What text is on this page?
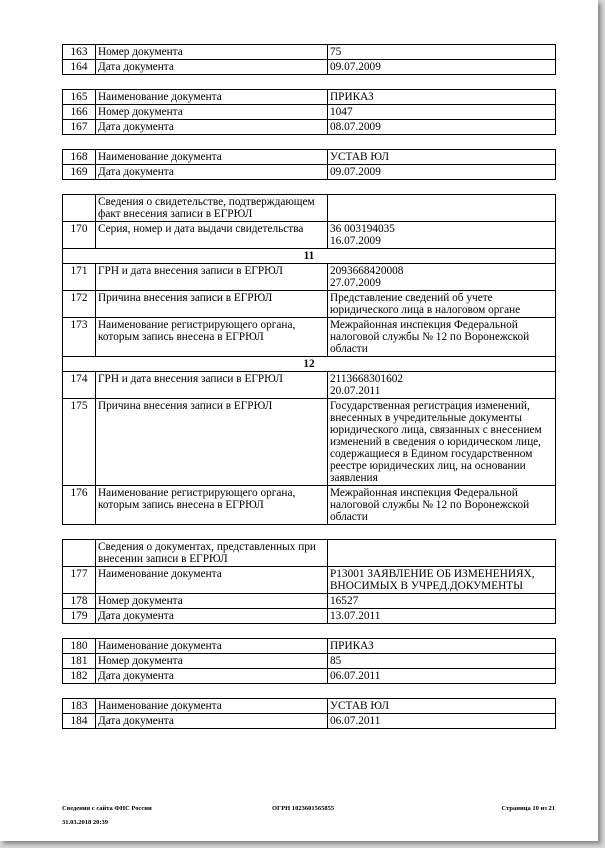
163	Номер документа	75
164	Дата документа	09.07.2009

165	Наименование документа	ПРИКАЗ
166	Номер документа	1047
167	Дата документа	08.07.2009

168	Наименование документа	УСТАВ ЮЛ
169	Дата документа	09.07.2009

	Сведения о свидетельстве, подтверждающем факт внесения записи в ЕГРЮЛ	
170	Серия, номер и дата выдачи свидетельства	36 003194035
16.07.2009
11		
171	ГРН и дата внесения записи в ЕГРЮЛ	2093668420008
27.07.2009
172	Причина внесения записи в ЕГРЮЛ	Представление сведений об учете юридического лица в налоговом органе
173	Наименование регистрирующего органа, которым запись внесена в ЕГРЮЛ	Межрайонная инспекция Федеральной налоговой службы № 12 по Воронежской области
12		
174	ГРН и дата внесения записи в ЕГРЮЛ	2113668301602
20.07.2011
175	Причина внесения записи в ЕГРЮЛ	Государственная регистрация изменений, внесенных в учредительные документы юридического лица, связанных с внесением изменений в сведения о юридическом лице, содержащиеся в Едином государственном реестре юридических лиц, на основании заявления
176	Наименование регистрирующего органа, которым запись внесена в ЕГРЮЛ	Межрайонная инспекция Федеральной налоговой службы № 12 по Воронежской области

	Сведения о документах, представленных при внесении записи в ЕГРЮЛ	
177	Наименование документа	Р13001 ЗАЯВЛЕНИЕ ОБ ИЗМЕНЕНИЯХ, ВНОСИМЫХ В УЧРЕД.ДОКУМЕНТЫ
178	Номер документа	16527
179	Дата документа	13.07.2011

180	Наименование документа	ПРИКАЗ
181	Номер документа	85
182	Дата документа	06.07.2011

183	Наименование документа	УСТАВ ЮЛ
184	Дата документа	06.07.2011

Сведения с сайта ФНС России

31.03.2018 20:39

ОГРН 1023601565855	Страница 10 из 21
